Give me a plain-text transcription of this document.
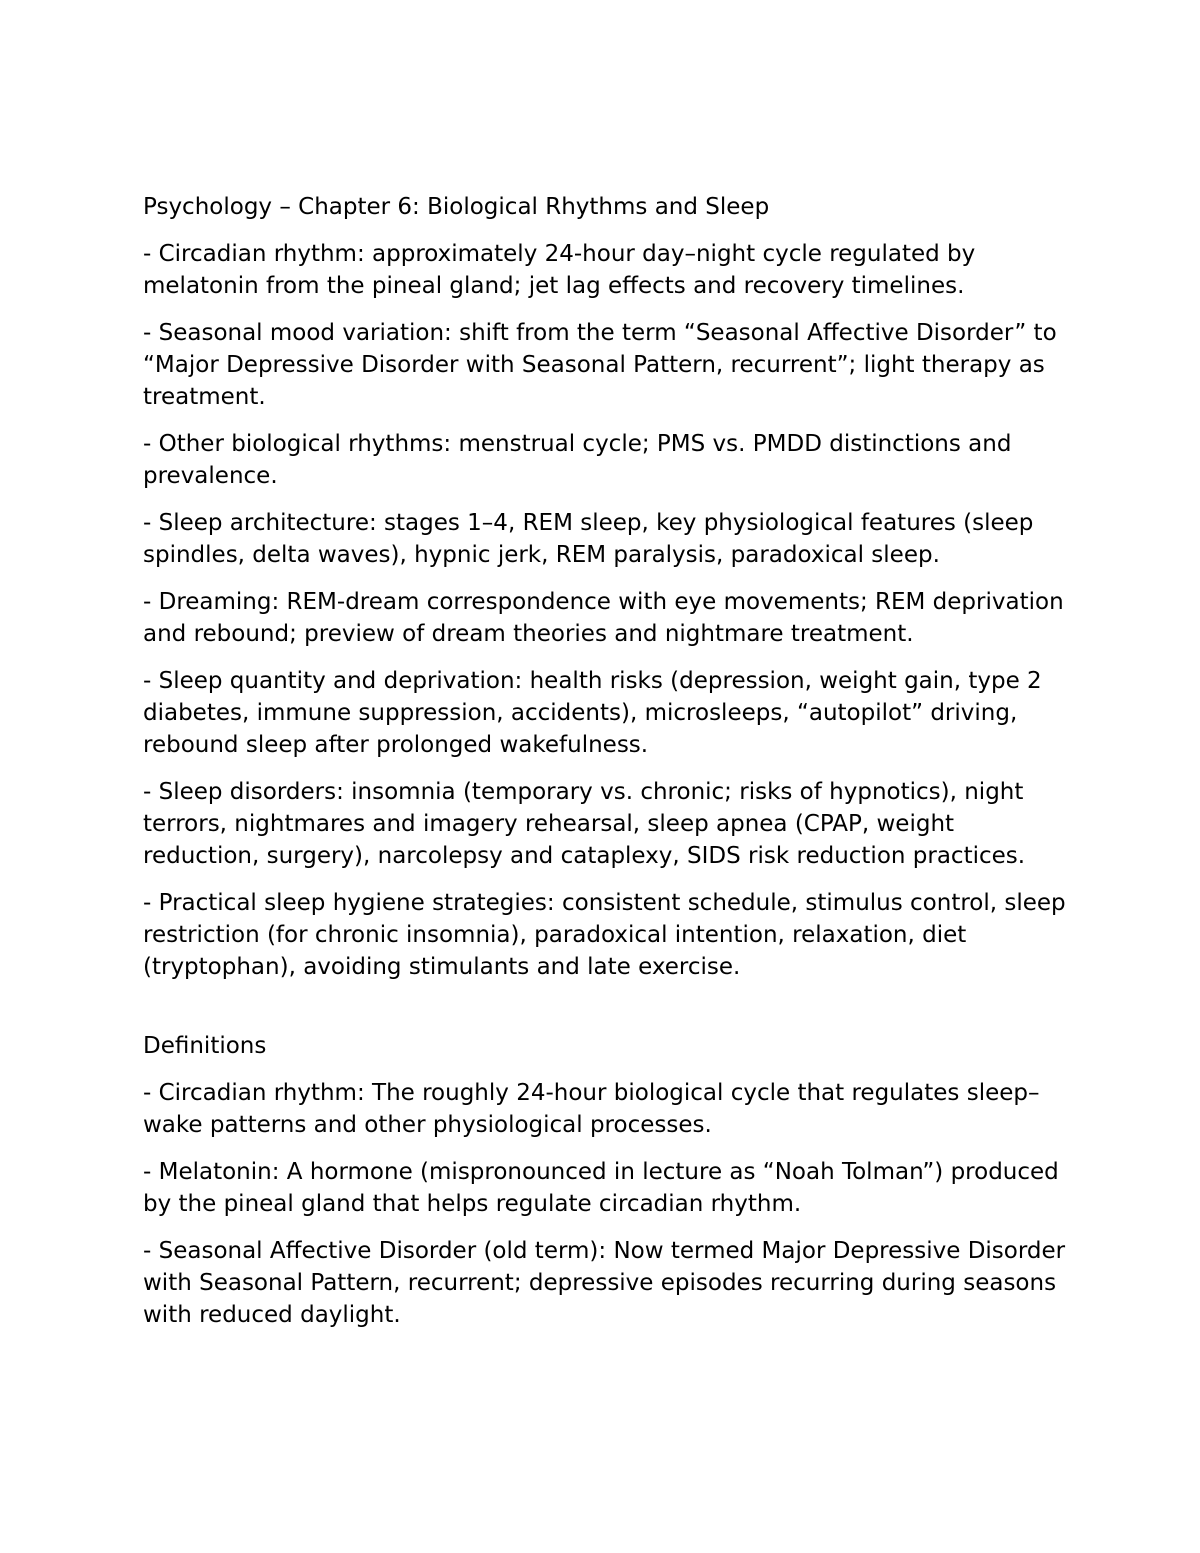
Psychology – Chapter 6: Biological Rhythms and Sleep

- Circadian rhythm: approximately 24-hour day–night cycle regulated by melatonin from the pineal gland; jet lag effects and recovery timelines.

- Seasonal mood variation: shift from the term “Seasonal Affective Disorder” to “Major Depressive Disorder with Seasonal Pattern, recurrent”; light therapy as treatment.

- Other biological rhythms: menstrual cycle; PMS vs. PMDD distinctions and prevalence.

- Sleep architecture: stages 1–4, REM sleep, key physiological features (sleep spindles, delta waves), hypnic jerk, REM paralysis, paradoxical sleep.

- Dreaming: REM-dream correspondence with eye movements; REM deprivation and rebound; preview of dream theories and nightmare treatment.

- Sleep quantity and deprivation: health risks (depression, weight gain, type 2 diabetes, immune suppression, accidents), microsleeps, “autopilot” driving, rebound sleep after prolonged wakefulness.

- Sleep disorders: insomnia (temporary vs. chronic; risks of hypnotics), night terrors, nightmares and imagery rehearsal, sleep apnea (CPAP, weight reduction, surgery), narcolepsy and cataplexy, SIDS risk reduction practices.

- Practical sleep hygiene strategies: consistent schedule, stimulus control, sleep restriction (for chronic insomnia), paradoxical intention, relaxation, diet (tryptophan), avoiding stimulants and late exercise.

Definitions

- Circadian rhythm: The roughly 24-hour biological cycle that regulates sleep–wake patterns and other physiological processes.

- Melatonin: A hormone (mispronounced in lecture as “Noah Tolman”) produced by the pineal gland that helps regulate circadian rhythm.

- Seasonal Affective Disorder (old term): Now termed Major Depressive Disorder with Seasonal Pattern, recurrent; depressive episodes recurring during seasons with reduced daylight.
